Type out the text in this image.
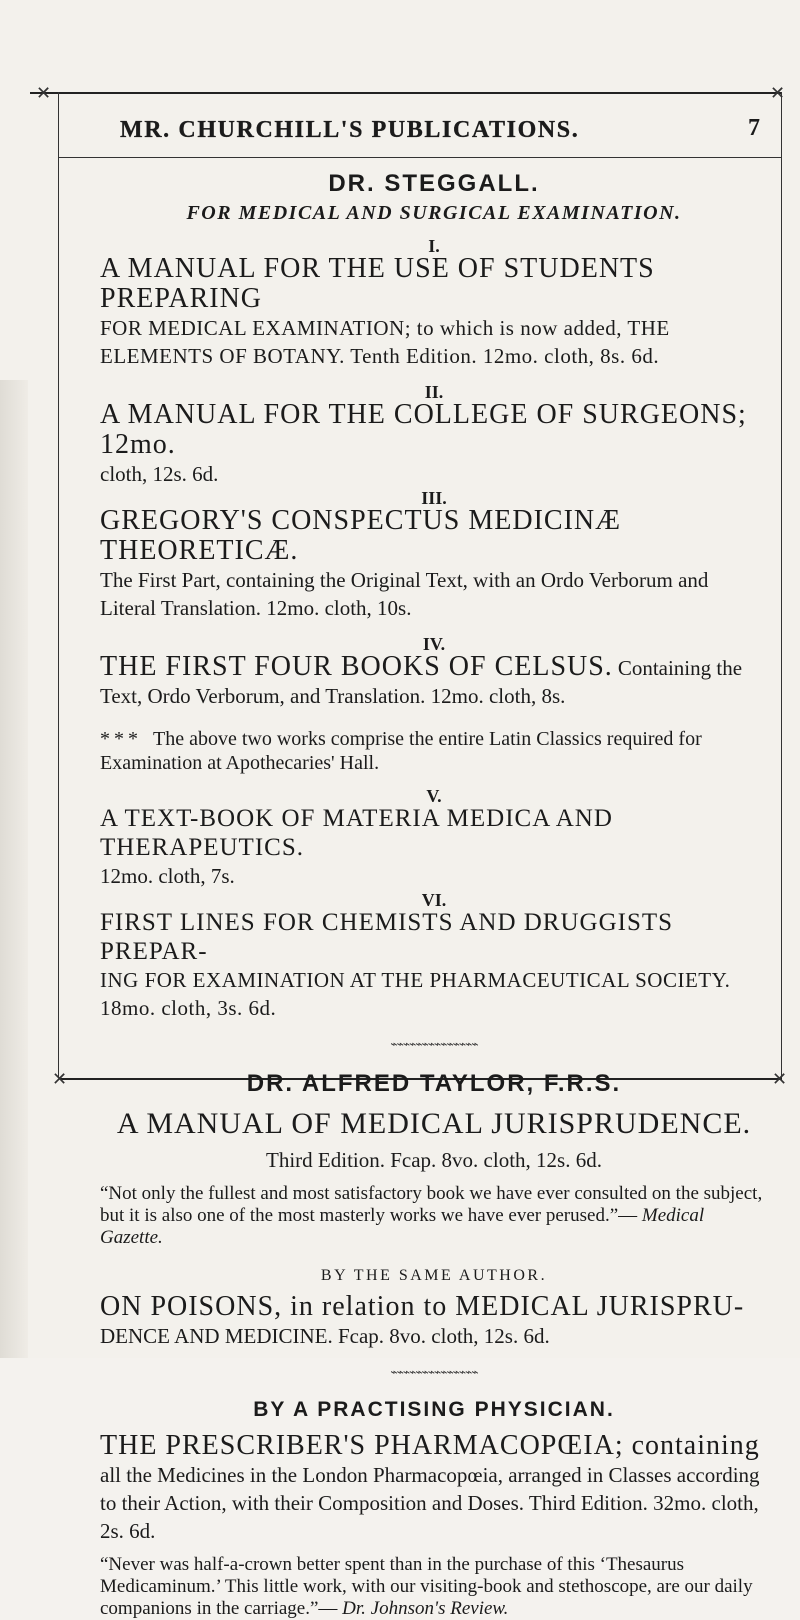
✕	✕
✕	✕
MR. CHURCHILL'S PUBLICATIONS.	7

DR. STEGGALL.

FOR MEDICAL AND SURGICAL EXAMINATION.

I.

A MANUAL FOR THE USE OF STUDENTS PREPARING
FOR MEDICAL EXAMINATION; to which is now added, THE ELEMENTS OF BOTANY. Tenth Edition. 12mo. cloth, 8s. 6d.

II.

A MANUAL FOR THE COLLEGE OF SURGEONS; 12mo.
cloth, 12s. 6d.

III.

GREGORY'S CONSPECTUS MEDICINÆ THEORETICÆ.
The First Part, containing the Original Text, with an Ordo Verborum and Literal Translation. 12mo. cloth, 10s.

IV.

THE FIRST FOUR BOOKS OF CELSUS. Containing the
Text, Ordo Verborum, and Translation. 12mo. cloth, 8s.

* * * The above two works comprise the entire Latin Classics required for Examination at Apothecaries' Hall.

V.

A TEXT-BOOK OF MATERIA MEDICA AND THERAPEUTICS.
12mo. cloth, 7s.

VI.

FIRST LINES FOR CHEMISTS AND DRUGGISTS PREPAR-
ING FOR EXAMINATION AT THE PHARMACEUTICAL SOCIETY. 18mo. cloth, 3s. 6d.

⌁⌁⌁⌁⌁⌁⌁⌁⌁⌁⌁⌁⌁⌁

DR. ALFRED TAYLOR, F.R.S.

A MANUAL OF MEDICAL JURISPRUDENCE.

Third Edition. Fcap. 8vo. cloth, 12s. 6d.

“Not only the fullest and most satisfactory book we have ever consulted on the subject, but it is also one of the most masterly works we have ever perused.”— Medical Gazette.

BY THE SAME AUTHOR.

ON POISONS, in relation to MEDICAL JURISPRU-
DENCE AND MEDICINE. Fcap. 8vo. cloth, 12s. 6d.

⌁⌁⌁⌁⌁⌁⌁⌁⌁⌁⌁⌁⌁⌁

BY A PRACTISING PHYSICIAN.

THE PRESCRIBER'S PHARMACOPŒIA; containing
all the Medicines in the London Pharmacopœia, arranged in Classes according to their Action, with their Composition and Doses. Third Edition. 32mo. cloth, 2s. 6d.

“Never was half-a-crown better spent than in the purchase of this ‘Thesaurus Medicaminum.’ This little work, with our visiting-book and stethoscope, are our daily companions in the carriage.”— Dr. Johnson's Review.
